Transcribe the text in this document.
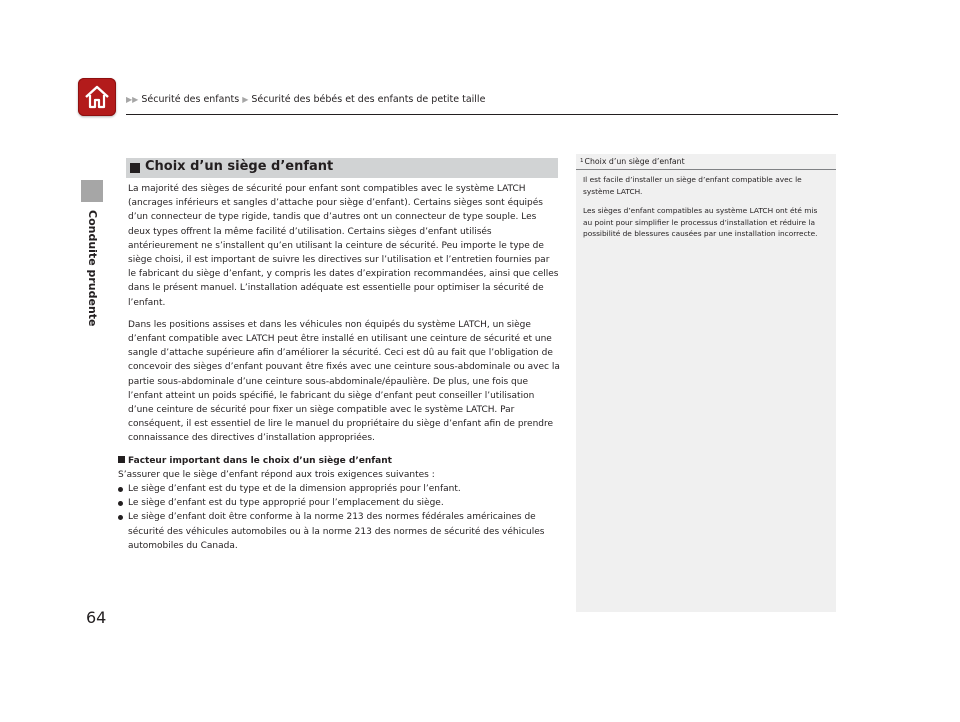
▶▶ Sécurité des enfants ▶ Sécurité des bébés et des enfants de petite taille
Conduite prudente
64
Choix d’un siège d’enfant

La majorité des sièges de sécurité pour enfant sont compatibles avec le système LATCH (ancrages inférieurs et sangles d’attache pour siège d’enfant). Certains sièges sont équipés d’un connecteur de type rigide, tandis que d’autres ont un connecteur de type souple. Les deux types offrent la même facilité d’utilisation. Certains sièges d’enfant utilisés antérieurement ne s’installent qu’en utilisant la ceinture de sécurité. Peu importe le type de siège choisi, il est important de suivre les directives sur l’utilisation et l’entretien fournies par le fabricant du siège d’enfant, y compris les dates d’expiration recommandées, ainsi que celles dans le présent manuel. L’installation adéquate est essentielle pour optimiser la sécurité de l’enfant.

Dans les positions assises et dans les véhicules non équipés du système LATCH, un siège d’enfant compatible avec LATCH peut être installé en utilisant une ceinture de sécurité et une sangle d’attache supérieure afin d’améliorer la sécurité. Ceci est dû au fait que l’obligation de concevoir des sièges d’enfant pouvant être fixés avec une ceinture sous-abdominale ou avec la partie sous-abdominale d’une ceinture sous-abdominale/épaulière. De plus, une fois que l’enfant atteint un poids spécifié, le fabricant du siège d’enfant peut conseiller l’utilisation d’une ceinture de sécurité pour fixer un siège compatible avec le système LATCH. Par conséquent, il est essentiel de lire le manuel du propriétaire du siège d’enfant afin de prendre connaissance des directives d’installation appropriées.

Facteur important dans le choix d’un siège d’enfant
S’assurer que le siège d’enfant répond aux trois exigences suivantes :
Le siège d’enfant est du type et de la dimension appropriés pour l’enfant.
Le siège d’enfant est du type approprié pour l’emplacement du siège.
Le siège d’enfant doit être conforme à la norme 213 des normes fédérales américaines de sécurité des véhicules automobiles ou à la norme 213 des normes de sécurité des véhicules automobiles du Canada.
$^1$Choix d’un siège d’enfant

Il est facile d’installer un siège d’enfant compatible avec le système LATCH.

Les sièges d’enfant compatibles au système LATCH ont été mis au point pour simplifier le processus d’installation et réduire la possibilité de blessures causées par une installation incorrecte.
